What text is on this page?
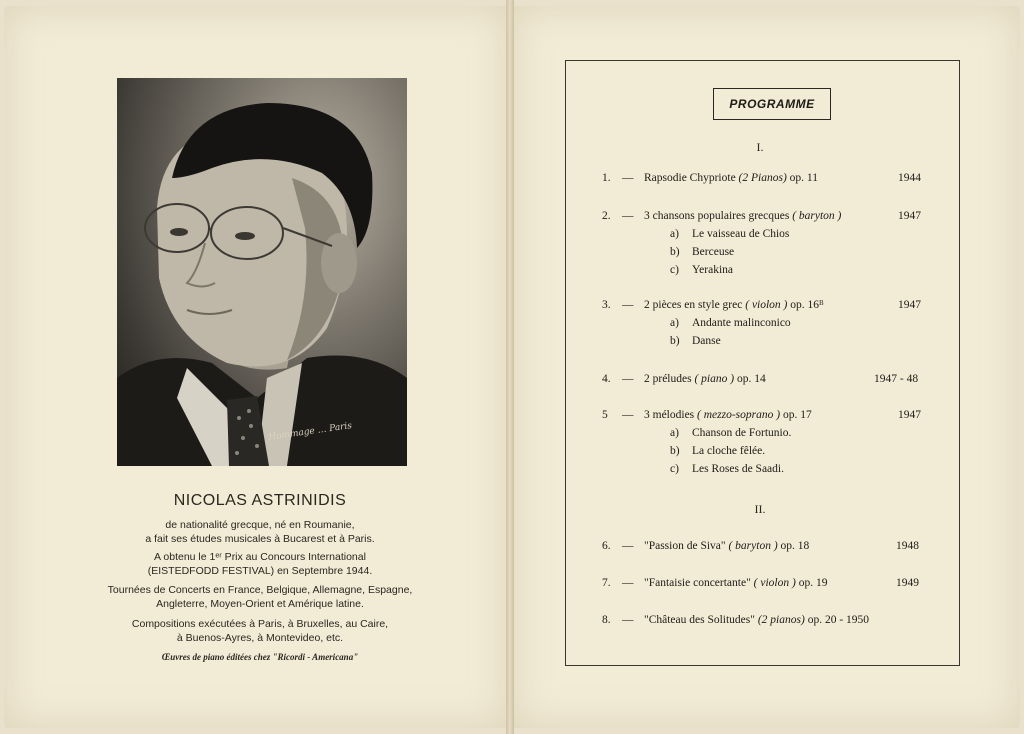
Hommage … Paris
NICOLAS ASTRINIDIS
de nationalité grecque, né en Roumanie,
a fait ses études musicales à Bucarest et à Paris.
A obtenu le 1ᵉʳ Prix au Concours International
(EISTEDFODD FESTIVAL) en Septembre 1944.
Tournées de Concerts en France, Belgique, Allemagne, Espagne,
Angleterre, Moyen-Orient et Amérique latine.
Compositions exécutées à Paris, à Bruxelles, au Caire,
à Buenos-Ayres, à Montevideo, etc.
Œuvres de piano éditées chez "Ricordi - Americana"
PROGRAMME
I.
II.
1. — Rapsodie Chypriote (2 Pianos) op. 11	1944
2. — 3 chansons populaires grecques ( baryton )	1947
a) Le vaisseau de Chios
b) Berceuse
c) Yerakina
3. — 2 pièces en style grec ( violon ) op. 16ᴮ	1947
a) Andante malinconico
b) Danse
4. — 2 préludes ( piano ) op. 14	1947 - 48
5 — 3 mélodies ( mezzo-soprano ) op. 17	1947
a) Chanson de Fortunio.
b) La cloche fêlée.
c) Les Roses de Saadi.
6. — "Passion de Siva" ( baryton ) op. 18	1948
7. — "Fantaisie concertante" ( violon ) op. 19	1949
8. — "Château des Solitudes" (2 pianos) op. 20 - 1950
